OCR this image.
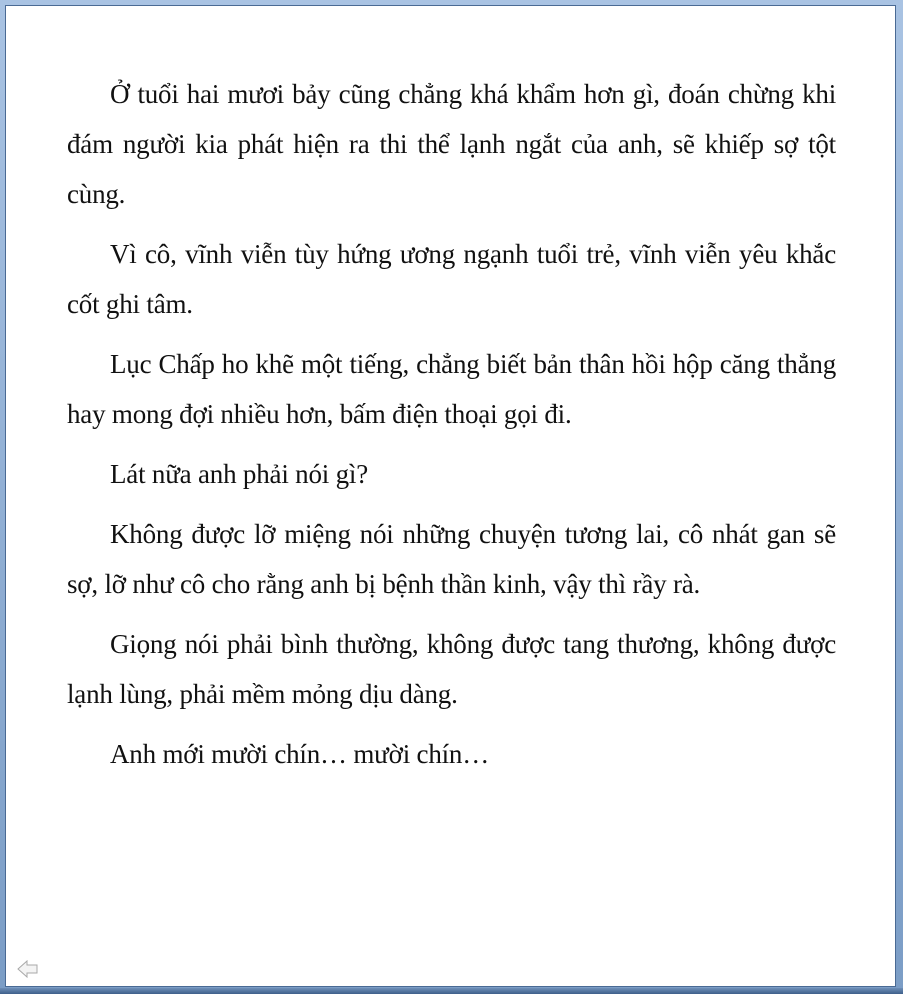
Ở tuổi hai mươi bảy cũng chẳng khá khẩm hơn gì, đoán chừng khi đám người kia phát hiện ra thi thể lạnh ngắt của anh, sẽ khiếp sợ tột cùng.

Vì cô, vĩnh viễn tùy hứng ương ngạnh tuổi trẻ, vĩnh viễn yêu khắc cốt ghi tâm.

Lục Chấp ho khẽ một tiếng, chẳng biết bản thân hồi hộp căng thẳng hay mong đợi nhiều hơn, bấm điện thoại gọi đi.

Lát nữa anh phải nói gì?

Không được lỡ miệng nói những chuyện tương lai, cô nhát gan sẽ sợ, lỡ như cô cho rằng anh bị bệnh thần kinh, vậy thì rầy rà.

Giọng nói phải bình thường, không được tang thương, không được lạnh lùng, phải mềm mỏng dịu dàng.

Anh mới mười chín… mười chín…
